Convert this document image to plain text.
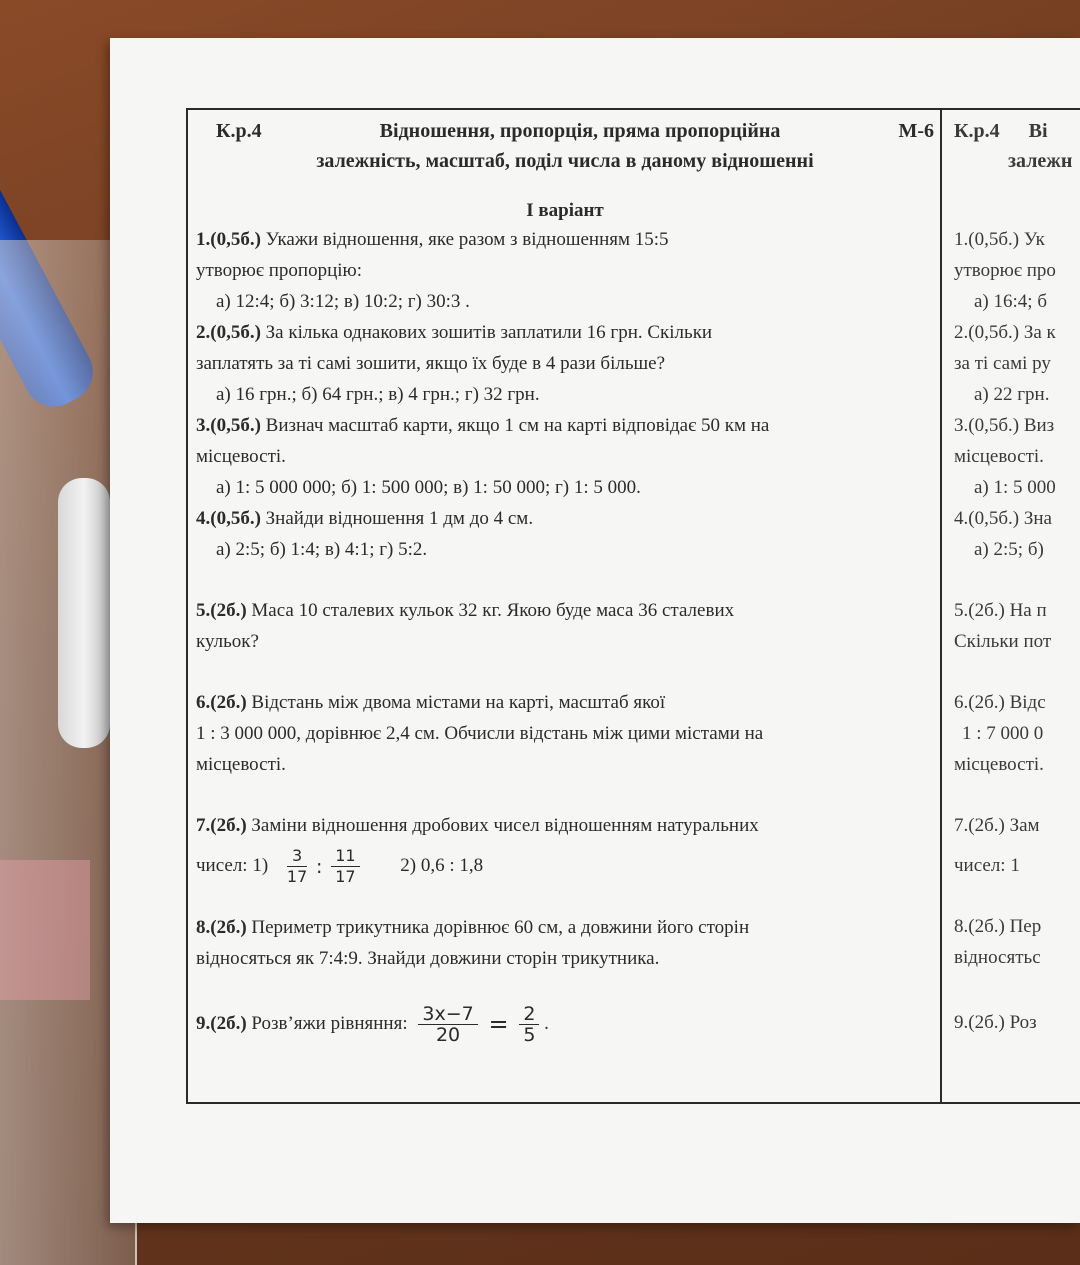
К.р.4	Відношення, пропорція, пряма пропорційна	М-6
залежність, масштаб, поділ числа в даному відношенні
І варіант
1.(0,5б.) Укажи відношення, яке разом з відношенням 15:5
утворює пропорцію:
а) 12:4; б) 3:12; в) 10:2; г) 30:3 .
2.(0,5б.) За кілька однакових зошитів заплатили 16 грн. Скільки
заплатять за ті самі зошити, якщо їх буде в 4 рази більше?
а) 16 грн.; б) 64 грн.; в) 4 грн.; г) 32 грн.
3.(0,5б.) Визнач масштаб карти, якщо 1 см на карті відповідає 50 км на
місцевості.
а) 1: 5 000 000; б) 1: 500 000; в) 1: 50 000; г) 1: 5 000.
4.(0,5б.) Знайди відношення 1 дм до 4 см.
а) 2:5; б) 1:4; в) 4:1; г) 5:2.
5.(2б.) Маса 10 сталевих кульок 32 кг. Якою буде маса 36 сталевих
кульок?
6.(2б.) Відстань між двома містами на карті, масштаб якої
1 : 3 000 000, дорівнює 2,4 см. Обчисли відстань між цими містами на
місцевості.
7.(2б.) Заміни відношення дробових чисел відношенням натуральних
чисел: $1) \frac{3}{17}$ : $\frac{11}{17} 2$) 0,6 : 1,8
8.(2б.) Периметр трикутника дорівнює 60 см, а довжини його сторін
відносяться як 7:4:9. Знайди довжини сторін трикутника.
9.(2б.) Розв’яжи рівняння: $\frac{3x-7}{20} = \frac{2}{5}$ .
К.р.4 Ві
залежн
1.(0,5б.) Ук
утворює про
а) 16:4; б
2.(0,5б.) За к
за ті самі ру
а) 22 грн.
3.(0,5б.) Виз
місцевості.
а) 1: 5 000
4.(0,5б.) Зна
а) 2:5; б)
5.(2б.) На п
Скільки пот
6.(2б.) Відс
1 : 7 000 0
місцевості.
7.(2б.) Зам
чисел: 1
8.(2б.) Пер
відносятьс
9.(2б.) Роз
